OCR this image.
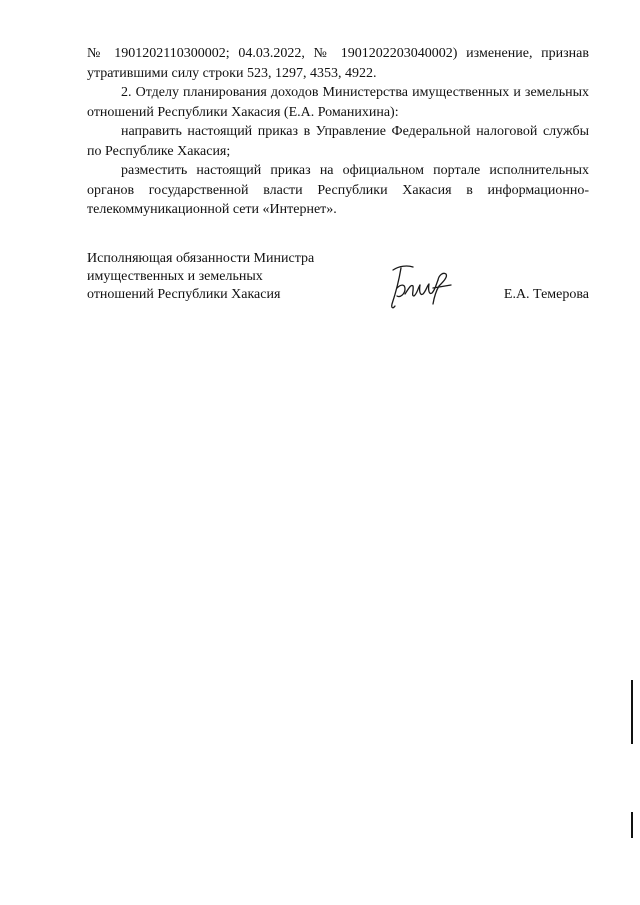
№ 1901202110300002; 04.03.2022, № 1901202203040002) изменение, признав утратившими силу строки 523, 1297, 4353, 4922.

2. Отделу планирования доходов Министерства имущественных и земельных отношений Республики Хакасия (Е.А. Романихина):

направить настоящий приказ в Управление Федеральной налоговой службы по Республике Хакасия;

разместить настоящий приказ на официальном портале исполнительных органов государственной власти Республики Хакасия в информационно-телекоммуникационной сети «Интернет».

Исполняющая обязанности Министра
имущественных и земельных
отношений Республики Хакасия	Е.А. Темерова
